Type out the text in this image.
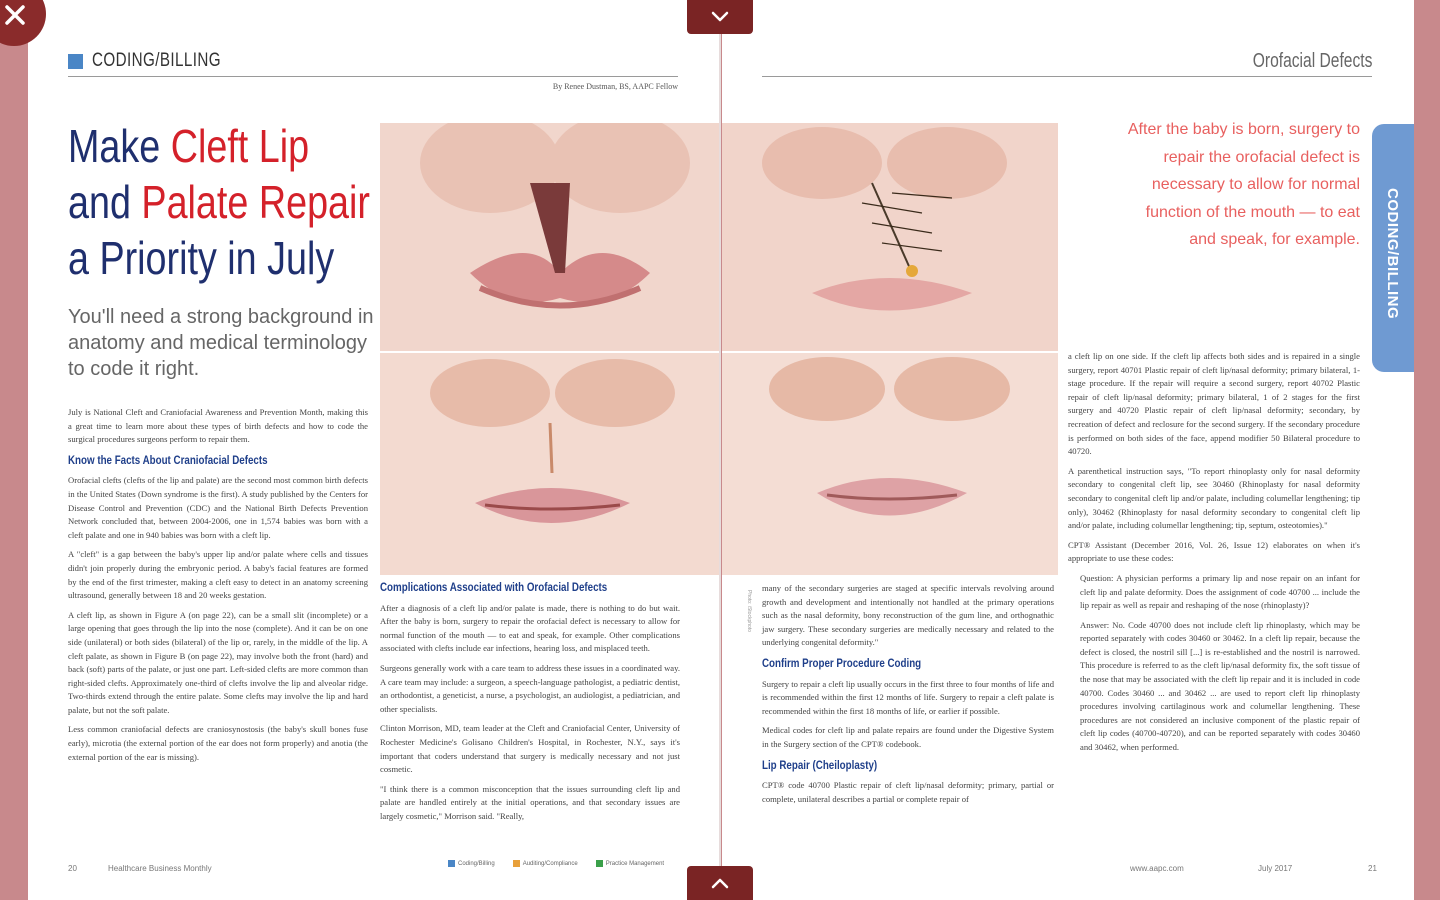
CODING/BILLING
By Renee Dustman, BS, AAPC Fellow
Make Cleft Lip
and Palate Repair
a Priority in July
You'll need a strong background in anatomy and medical terminology to code it right.

July is National Cleft and Craniofacial Awareness and Prevention Month, making this a great time to learn more about these types of birth defects and how to code the surgical procedures surgeons perform to repair them.

Know the Facts About Craniofacial Defects

Orofacial clefts (clefts of the lip and palate) are the second most common birth defects in the United States (Down syndrome is the first). A study published by the Centers for Disease Control and Prevention (CDC) and the National Birth Defects Prevention Network concluded that, between 2004-2006, one in 1,574 babies was born with a cleft palate and one in 940 babies was born with a cleft lip.

A "cleft" is a gap between the baby's upper lip and/or palate where cells and tissues didn't join properly during the embryonic period. A baby's facial features are formed by the end of the first trimester, making a cleft easy to detect in an anatomy screening ultrasound, generally between 18 and 20 weeks gestation.

A cleft lip, as shown in Figure A (on page 22), can be a small slit (incomplete) or a large opening that goes through the lip into the nose (complete). And it can be on one side (unilateral) or both sides (bilateral) of the lip or, rarely, in the middle of the lip. A cleft palate, as shown in Figure B (on page 22), may involve both the front (hard) and back (soft) parts of the palate, or just one part. Left-sided clefts are more common than right-sided clefts. Approximately one-third of clefts involve the lip and alveolar ridge. Two-thirds extend through the entire palate. Some clefts may involve the lip and hard palate, but not the soft palate.

Less common craniofacial defects are craniosynostosis (the baby's skull bones fuse early), microtia (the external portion of the ear does not form properly) and anotia (the external portion of the ear is missing).

Complications Associated with Orofacial Defects

After a diagnosis of a cleft lip and/or palate is made, there is nothing to do but wait. After the baby is born, surgery to repair the orofacial defect is necessary to allow for normal function of the mouth — to eat and speak, for example. Other complications associated with clefts include ear infections, hearing loss, and misplaced teeth.

Surgeons generally work with a care team to address these issues in a coordinated way. A care team may include: a surgeon, a speech-language pathologist, a pediatric dentist, an orthodontist, a geneticist, a nurse, a psychologist, an audiologist, a pediatrician, and other specialists.

Clinton Morrison, MD, team leader at the Cleft and Craniofacial Center, University of Rochester Medicine's Golisano Children's Hospital, in Rochester, N.Y., says it's important that coders understand that surgery is medically necessary and not just cosmetic.

"I think there is a common misconception that the issues surrounding cleft lip and palate are handled entirely at the initial operations, and that secondary issues are largely cosmetic," Morrison said. "Really,

20	Healthcare Business Monthly	Coding/Billing	Auditing/Compliance	Practice Management
Orofacial Defects
Photo: iStockphoto
After the baby is born, surgery to repair the orofacial defect is necessary to allow for normal function of the mouth — to eat and speak, for example. CODING/BILLING

many of the secondary surgeries are staged at specific intervals revolving around growth and development and intentionally not handled at the primary operations such as the nasal deformity, bony reconstruction of the gum line, and orthognathic jaw surgery. These secondary surgeries are medically necessary and related to the underlying congenital deformity."

Confirm Proper Procedure Coding

Surgery to repair a cleft lip usually occurs in the first three to four months of life and is recommended within the first 12 months of life. Surgery to repair a cleft palate is recommended within the first 18 months of life, or earlier if possible.

Medical codes for cleft lip and palate repairs are found under the Digestive System in the Surgery section of the CPT® codebook.

Lip Repair (Cheiloplasty)

CPT® code 40700 Plastic repair of cleft lip/nasal deformity; primary, partial or complete, unilateral describes a partial or complete repair of

a cleft lip on one side. If the cleft lip affects both sides and is repaired in a single surgery, report 40701 Plastic repair of cleft lip/nasal deformity; primary bilateral, 1-stage procedure. If the repair will require a second surgery, report 40702 Plastic repair of cleft lip/nasal deformity; primary bilateral, 1 of 2 stages for the first surgery and 40720 Plastic repair of cleft lip/nasal deformity; secondary, by recreation of defect and reclosure for the second surgery. If the secondary procedure is performed on both sides of the face, append modifier 50 Bilateral procedure to 40720.

A parenthetical instruction says, "To report rhinoplasty only for nasal deformity secondary to congenital cleft lip, see 30460 (Rhinoplasty for nasal deformity secondary to congenital cleft lip and/or palate, including columellar lengthening; tip only), 30462 (Rhinoplasty for nasal deformity secondary to congenital cleft lip and/or palate, including columellar lengthening; tip, septum, osteotomies)."

CPT® Assistant (December 2016, Vol. 26, Issue 12) elaborates on when it's appropriate to use these codes:

Question: A physician performs a primary lip and nose repair on an infant for cleft lip and palate deformity. Does the assignment of code 40700 ... include the lip repair as well as repair and reshaping of the nose (rhinoplasty)?

Answer: No. Code 40700 does not include cleft lip rhinoplasty, which may be reported separately with codes 30460 or 30462. In a cleft lip repair, because the defect is closed, the nostril sill [...] is re-established and the nostril is narrowed. This procedure is referred to as the cleft lip/nasal deformity fix, the soft tissue of the nose that may be associated with the cleft lip repair and it is included in code 40700. Codes 30460 ... and 30462 ... are used to report cleft lip rhinoplasty procedures involving cartilaginous work and columellar lengthening. These procedures are not considered an inclusive component of the plastic repair of cleft lip codes (40700-40720), and can be reported separately with codes 30460 and 30462, when performed.

www.aapc.com	July 2017	21
